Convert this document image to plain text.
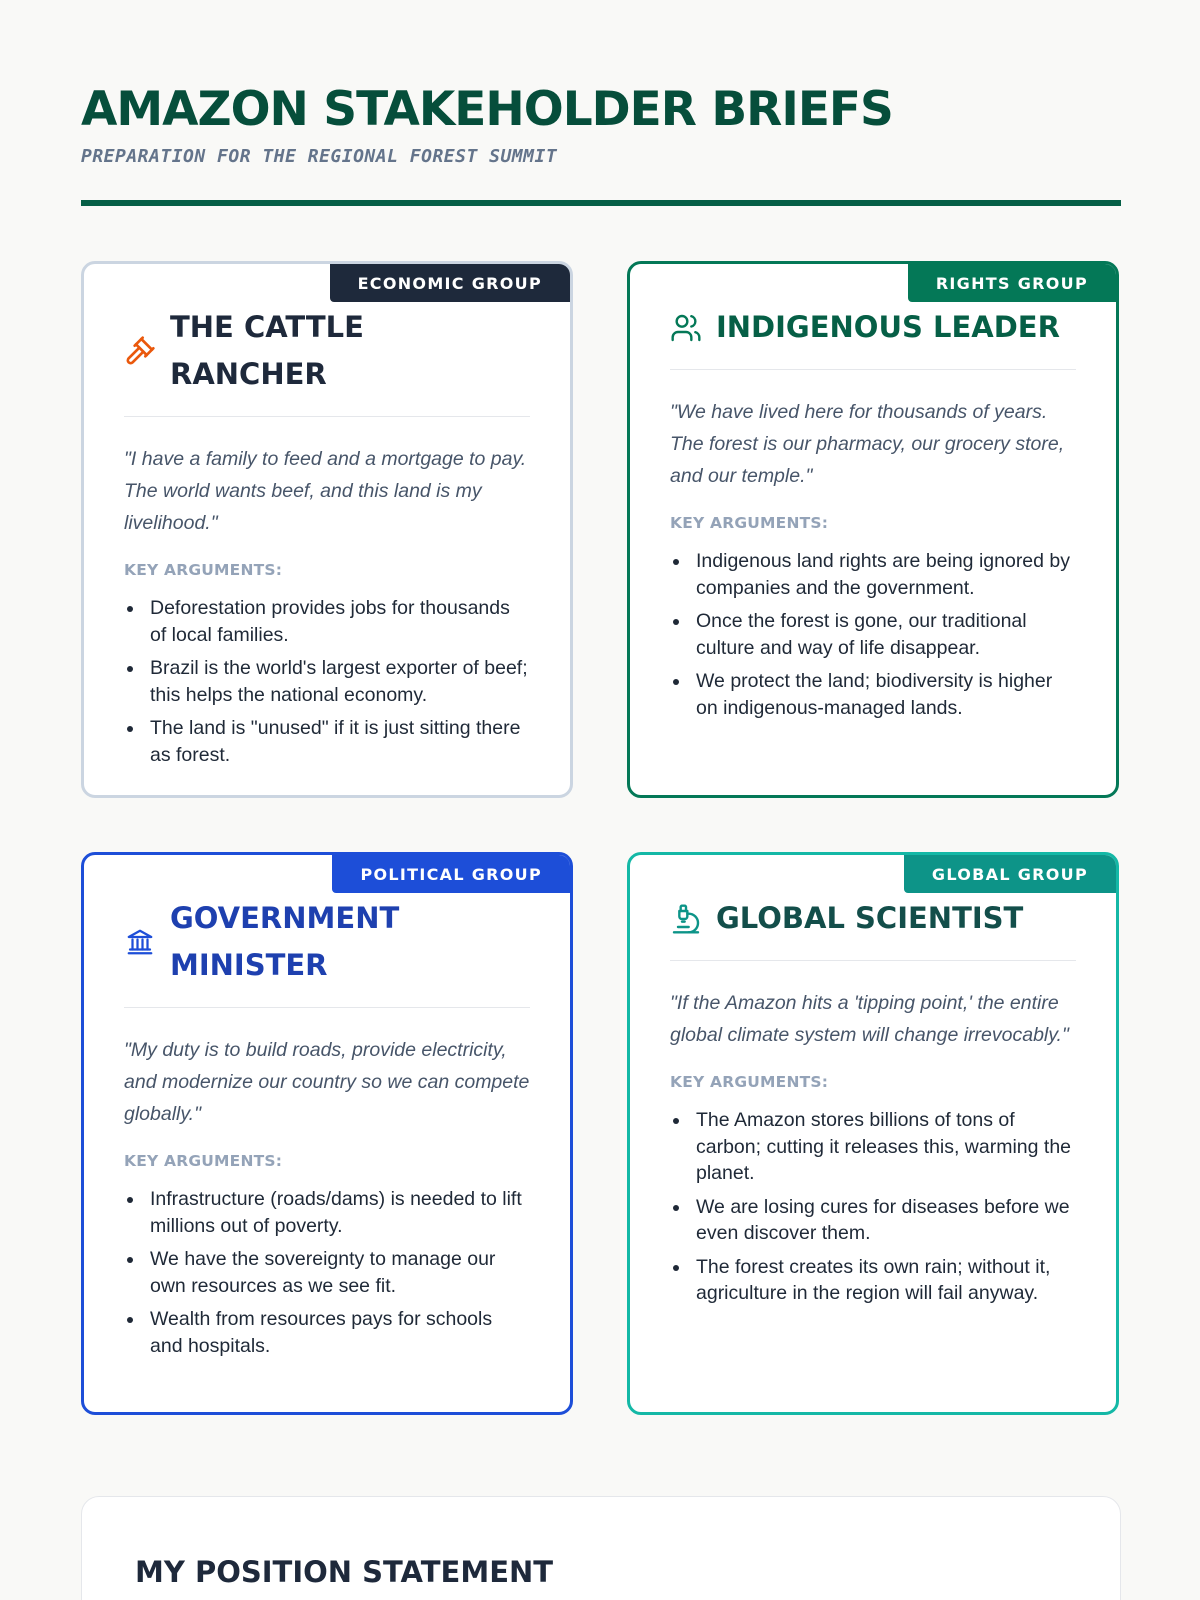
AMAZON STAKEHOLDER BRIEFS
PREPARATION FOR THE REGIONAL FOREST SUMMIT
ECONOMIC GROUP
THE CATTLE RANCHER

"I have a family to feed and a mortgage to pay. The world wants beef, and this land is my livelihood."

KEY ARGUMENTS:
Deforestation provides jobs for thousands of local families.
Brazil is the world's largest exporter of beef; this helps the national economy.
The land is "unused" if it is just sitting there as forest.
RIGHTS GROUP
INDIGENOUS LEADER

"We have lived here for thousands of years. The forest is our pharmacy, our grocery store, and our temple."

KEY ARGUMENTS:
Indigenous land rights are being ignored by companies and the government.
Once the forest is gone, our traditional culture and way of life disappear.
We protect the land; biodiversity is higher on indigenous-managed lands.
POLITICAL GROUP
GOVERNMENT MINISTER

"My duty is to build roads, provide electricity, and modernize our country so we can compete globally."

KEY ARGUMENTS:
Infrastructure (roads/dams) is needed to lift millions out of poverty.
We have the sovereignty to manage our own resources as we see fit.
Wealth from resources pays for schools and hospitals.
GLOBAL GROUP
GLOBAL SCIENTIST

"If the Amazon hits a 'tipping point,' the entire global climate system will change irrevocably."

KEY ARGUMENTS:
The Amazon stores billions of tons of carbon; cutting it releases this, warming the planet.
We are losing cures for diseases before we even discover them.
The forest creates its own rain; without it, agriculture in the region will fail anyway.
MY POSITION STATEMENT
